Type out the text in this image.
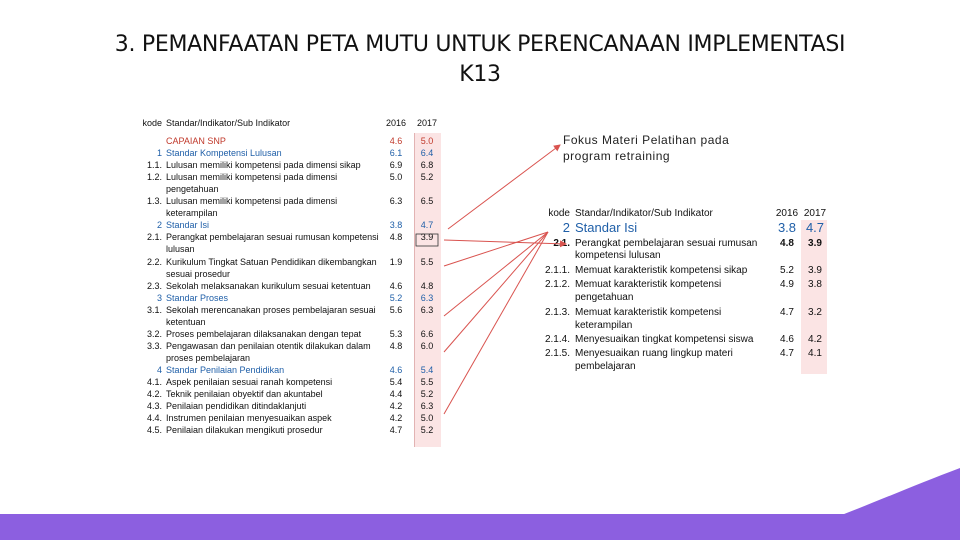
3. PEMANFAATAN PETA MUTU UNTUK PERENCANAAN IMPLEMENTASI
K13
kode Standar/Indikator/Sub Indikator	2016 2017
CAPAIAN SNP	4.6	5.0
1 Standar Kompetensi Lulusan	6.1	6.4
1.1. Lulusan memiliki kompetensi pada dimensi sikap	6.9	6.8
1.2. Lulusan memiliki kompetensi pada dimensi	5.0	5.2
pengetahuan
1.3. Lulusan memiliki kompetensi pada dimensi	6.3	6.5
keterampilan
2 Standar Isi	3.8	4.7
2.1. Perangkat pembelajaran sesuai rumusan kompetensi	4.8	3.9
lulusan
2.2. Kurikulum Tingkat Satuan Pendidikan dikembangkan	1.9	5.5
sesuai prosedur
2.3. Sekolah melaksanakan kurikulum sesuai ketentuan	4.6	4.8
3 Standar Proses	5.2	6.3
3.1. Sekolah merencanakan proses pembelajaran sesuai	5.6	6.3
ketentuan
3.2. Proses pembelajaran dilaksanakan dengan tepat	5.3	6.6
3.3. Pengawasan dan penilaian otentik dilakukan dalam	4.8	6.0
proses pembelajaran
4 Standar Penilaian Pendidikan	4.6	5.4
4.1. Aspek penilaian sesuai ranah kompetensi	5.4	5.5
4.2. Teknik penilaian obyektif dan akuntabel	4.4	5.2
4.3. Penilaian pendidikan ditindaklanjuti	4.2	6.3
4.4. Instrumen penilaian menyesuaikan aspek	4.2	5.0
4.5. Penilaian dilakukan mengikuti prosedur	4.7	5.2
Fokus Materi Pelatihan pada
program retraining
kode Standar/Indikator/Sub Indikator	2016 2017
2 Standar Isi	3.8 4.7
2.1. Perangkat pembelajaran sesuai rumusan	4.8	3.9
kompetensi lulusan
2.1.1. Memuat karakteristik kompetensi sikap	5.2	3.9
2.1.2. Memuat karakteristik kompetensi	4.9	3.8
pengetahuan
2.1.3. Memuat karakteristik kompetensi	4.7	3.2
keterampilan
2.1.4. Menyesuaikan tingkat kompetensi siswa	4.6	4.2
2.1.5. Menyesuaikan ruang lingkup materi	4.7	4.1
pembelajaran
